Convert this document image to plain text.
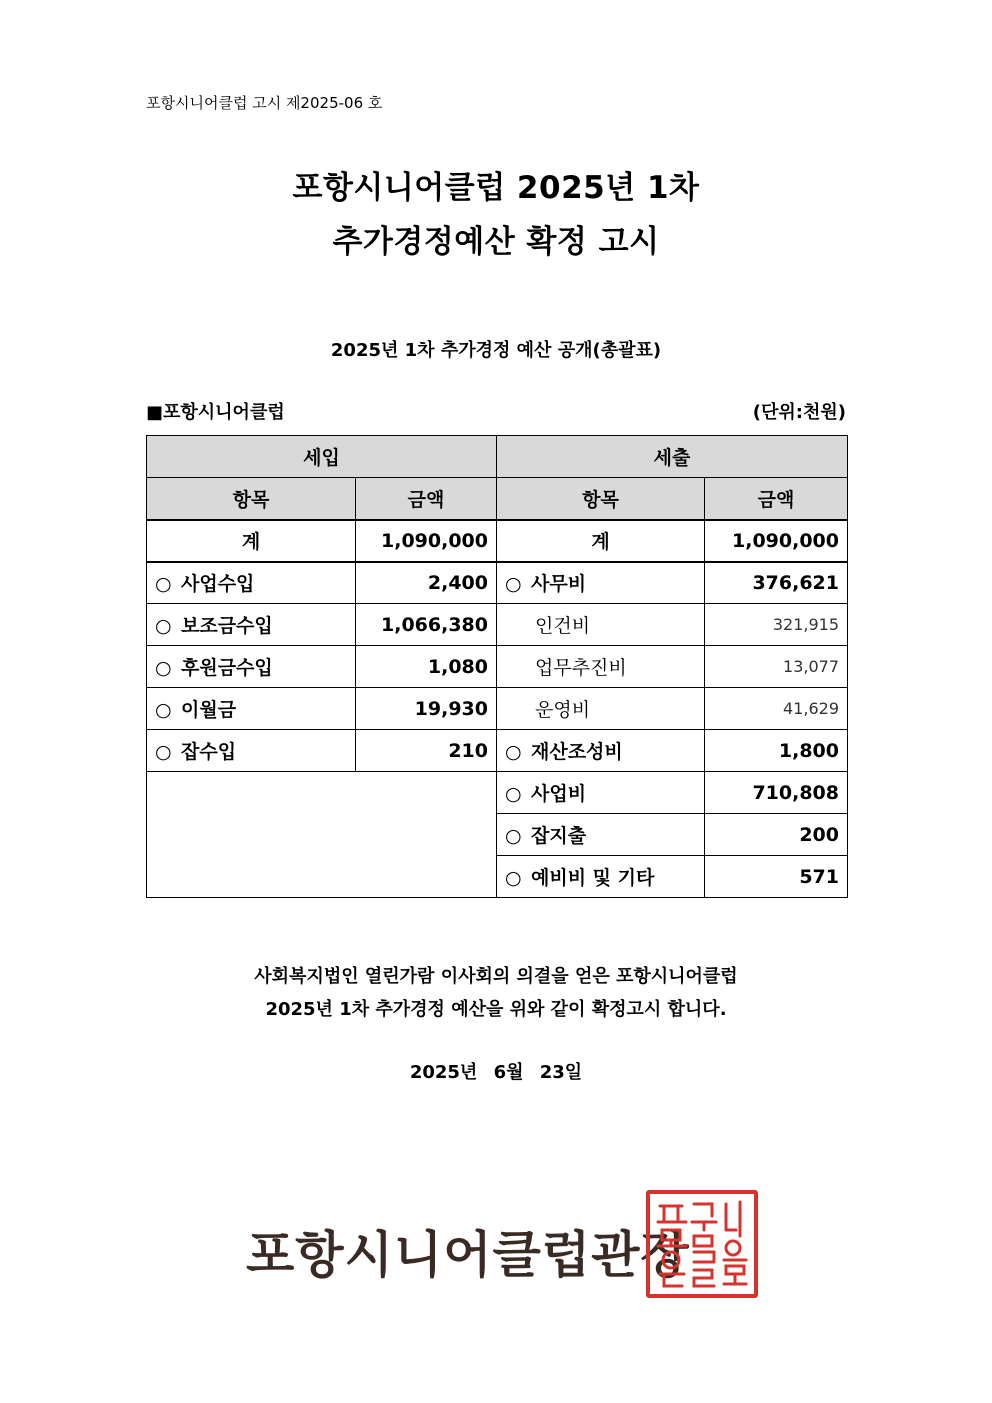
포항시니어클럽 고시 제2025-06 호
포항시니어클럽 2025년 1차
추가경정예산 확정 고시
2025년 1차 추가경정 예산 공개(총괄표)
■포항시니어클럽	(단위:천원)
세입		세출	
항목	금액	항목	금액
계	1,090,000	계	1,090,000
○ 사업수입	2,400	○ 사무비	376,621
○ 보조금수입	1,066,380	인건비	321,915
○ 후원금수입	1,080	업무추진비	13,077
○ 이월금	19,930	운영비	41,629
○ 잡수입	210	○ 재산조성비	1,800
		○ 사업비	710,808
		○ 잡지출	200
		○ 예비비 및 기타	571
사회복지법인 열린가람 이사회의 의결을 얻은 포항시니어클럽
2025년 1차 추가경정 예산을 위와 같이 확정고시 합니다.
2025년 6월 23일
포항시니어클럽관장
